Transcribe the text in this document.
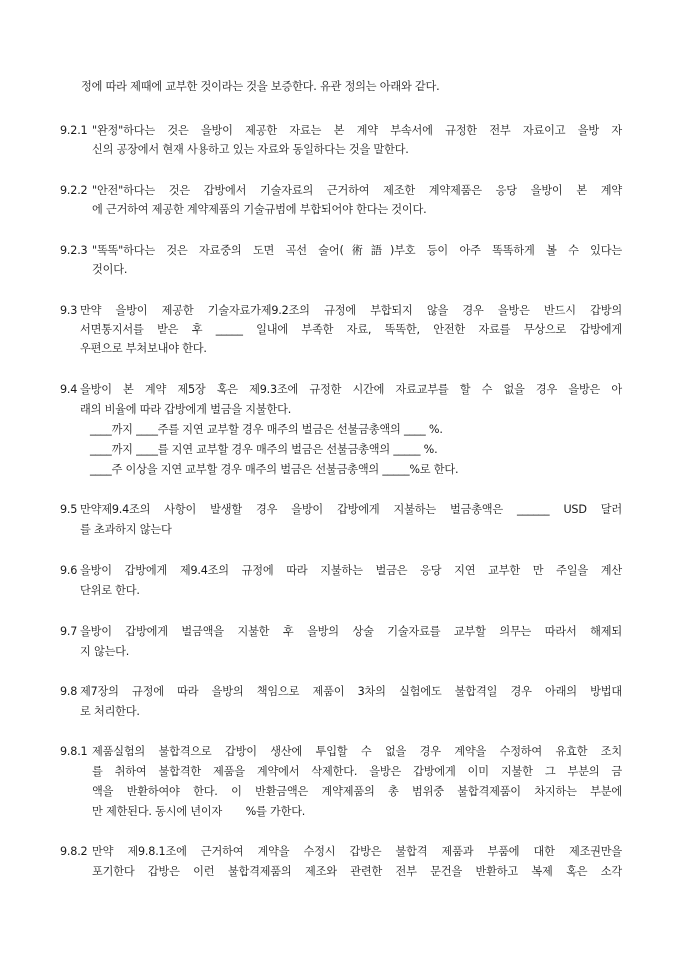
정에 따라 제때에 교부한 것이라는 것을 보증한다. 유관 정의는 아래와 같다.
9.2.1 "완정"하다는 것은 을방이 제공한 자료는 본 계약 부속서에 규정한 전부 자료이고 을방 자
신의 공장에서 현재 사용하고 있는 자료와 동일하다는 것을 말한다.
9.2.2 "안전"하다는 것은 갑방에서 기술자료의 근거하여 제조한 계약제품은 응당 을방이 본 계약
에 근거하여 제공한 계약제품의 기술규범에 부합되어야 한다는 것이다.
9.2.3 "똑똑"하다는 것은 자료중의 도면 곡선 술어(術語)부호 등이 아주 똑똑하게 볼 수 있다는
것이다.
9.3 만약 을방이 제공한 기술자료가제9.2조의 규정에 부합되지 않을 경우 을방은 반드시 갑방의
서면통지서를 받은 후 _____ 일내에 부족한 자료, 똑똑한, 안전한 자료를 무상으로 갑방에게
우편으로 부쳐보내야 한다.
9.4 을방이 본 계약 제5장 혹은 제9.3조에 규정한 시간에 자료교부를 할 수 없을 경우 을방은 아
래의 비율에 따라 갑방에게 벌금을 지불한다.
____까지 ____주를 지연 교부할 경우 매주의 벌금은 선불금총액의 ____ %.
____까지 ____를 지연 교부할 경우 매주의 벌금은 선불금총액의 _____ %.
____주 이상을 지연 교부할 경우 매주의 벌금은 선불금총액의 _____%로 한다.
9.5 만약제9.4조의 사항이 발생할 경우 을방이 갑방에게 지불하는 벌금총액은 ______ USD 달러
를 초과하지 않는다
9.6 을방이 갑방에게 제9.4조의 규정에 따라 지불하는 벌금은 응당 지연 교부한 만 주일을 계산
단위로 한다.
9.7 을방이 갑방에게 벌금액을 지불한 후 을방의 상술 기술자료를 교부할 의무는 따라서 해제되
지 않는다.
9.8 제7장의 규정에 따라 을방의 책임으로 제품이 3차의 실험에도 불합격일 경우 아래의 방법대
로 처리한다.
9.8.1 제품실험의 불합격으로 갑방이 생산에 투입할 수 없을 경우 계약을 수정하여 유효한 조치
를 취하여 불합격한 제품을 계약에서 삭제한다. 을방은 갑방에게 이미 지불한 그 부분의 금
액을 반환하여야 한다. 이 반환금액은 계약제품의 총 범위중 불합격제품이 차지하는 부분에
만 제한된다. 동시에 년이자       %를 가한다.
9.8.2 만약 제9.8.1조에 근거하여 계약을 수정시 갑방은 불합격 제품과 부품에 대한 제조권만을
포기한다 갑방은 이런 불합격제품의 제조와 관련한 전부 문건을 반환하고 복제 혹은 소각
